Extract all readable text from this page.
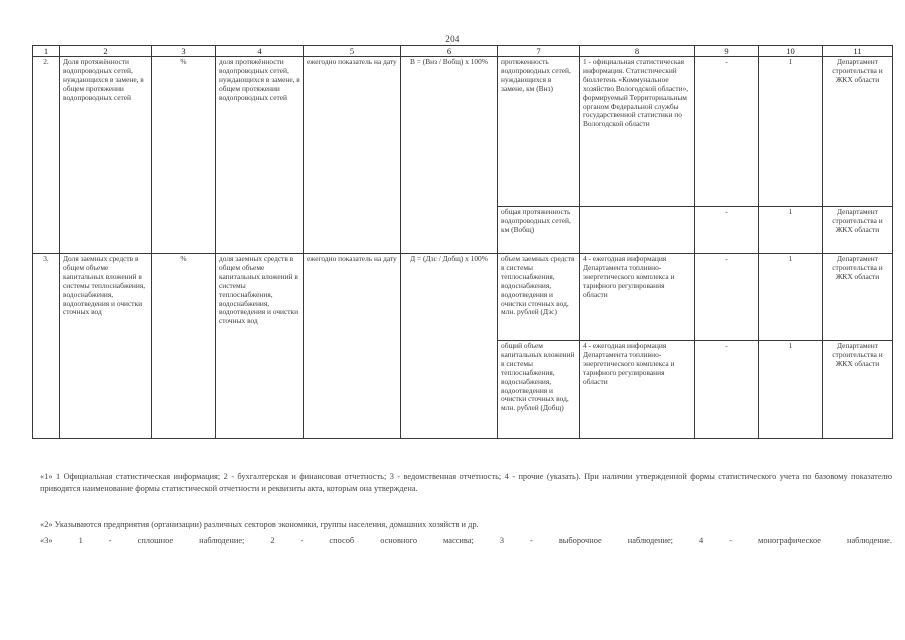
204
1	2	3	4	5	6	7	8	9	10	11
2.	Доля протяжённости водопроводных сетей, нуждающихся в замене, в общем протяжении водопроводных сетей	%	доля протяжённости водопроводных сетей, нуждающихся в замене, в общем протяжении водопроводных сетей	ежегодно показатель на дату	В = (Внз / Вобщ) х 100%	протяженность водопроводных сетей, нуждающихся в замене, км (Внз)	1 - официальная статистическая информация. Статистический бюллетень «Коммунальное хозяйство Вологодской области», формируемый Территориальным органом Федеральной службы государственной статистики по Вологодской области	-	1	Департамент строительства и ЖКХ области
						общая протяженность водопроводных сетей, км (Вобщ)		-	1	Департамент строительства и ЖКХ области
3.	Доля заемных средств в общем объеме капитальных вложений в системы теплоснабжения, водоснабжения, водоотведения и очистки сточных вод	%	доля заемных средств в общем объеме капитальных вложений в системы теплоснабжения, водоснабжения, водоотведения и очистки сточных вод	ежегодно показатель на дату	Д = (Дзс / Добщ) х 100%	объем заемных средств в системы теплоснабжения, водоснабжения, водоотведения и очистки сточных вод, млн. рублей (Дзс)	4 - ежегодная информация Департамента топливно-энергетического комплекса и тарифного регулирования области	-	1	Департамент строительства и ЖКХ области
						общий объем капитальных вложений в системы теплоснабжения, водоснабжения, водоотведения и очистки сточных вод, млн. рублей (Добщ)	4 - ежегодная информация Департамента топливно-энергетического комплекса и тарифного регулирования области	-	1	Департамент строительства и ЖКХ области
«1» 1 Официальная статистическая информация; 2 - бухгалтерская и финансовая отчетность; 3 - ведомственная отчетность; 4 - прочие (указать). При наличии утвержденной формы статистического учета по базовому показателю приводятся наименование формы статистической отчетности и реквизиты акта, которым она утверждена.
«2» Указываются предприятия (организации) различных секторов экономики, группы населения, домашних хозяйств и др.
«3» 1 - сплошное наблюдение; 2 - способ основного массива; 3 - выборочное наблюдение; 4 - монографическое наблюдение.
